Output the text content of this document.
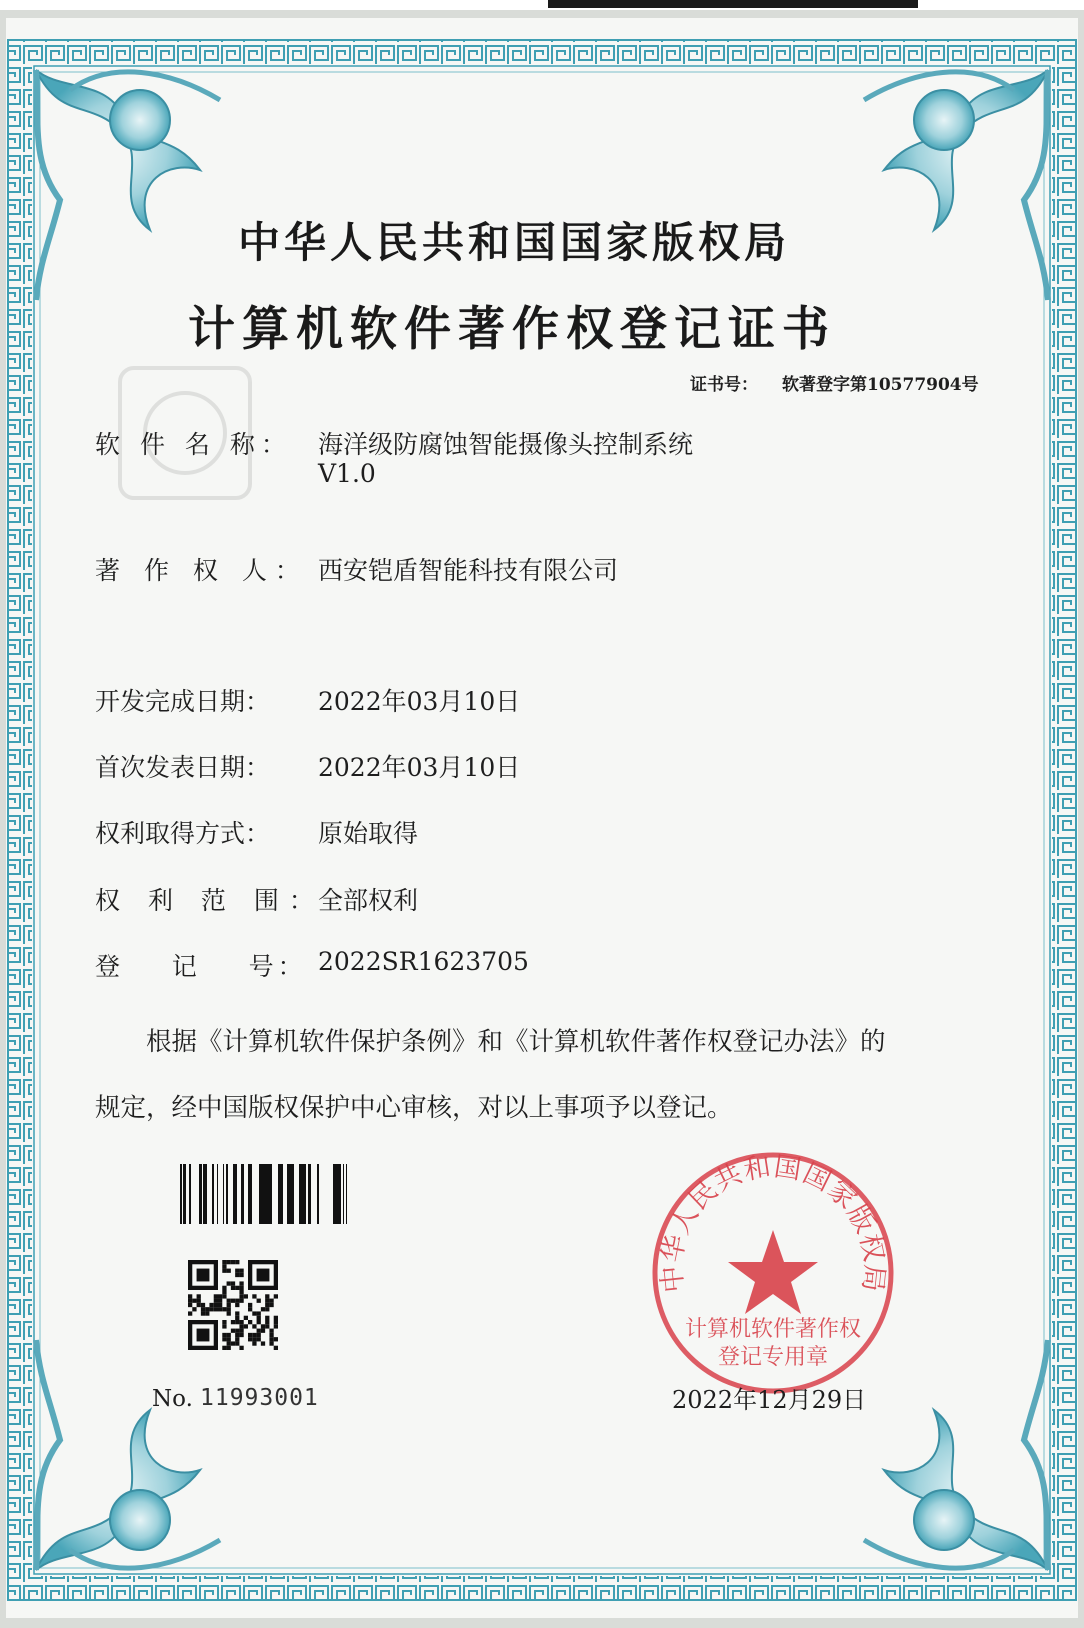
中华人民共和国国家版权局
计算机软件著作权登记证书
证书号： 软著登字第10577904号
软 件 名 称： 海洋级防腐蚀智能摄像头控制系统
V1.0
著 作 权 人： 西安铠盾智能科技有限公司
开发完成日期： 2022年03月10日
首次发表日期： 2022年03月10日
权利取得方式： 原始取得
权 利 范 围：
全部权利
登    记    号： 2022SR1623705
根据《计算机软件保护条例》和《计算机软件著作权登记办法》的
规定，经中国版权保护中心审核，对以上事项予以登记。
No. 11993001
中华人民共和国国家版权局
计算机软件著作权
登记专用章
2022年12月29日
